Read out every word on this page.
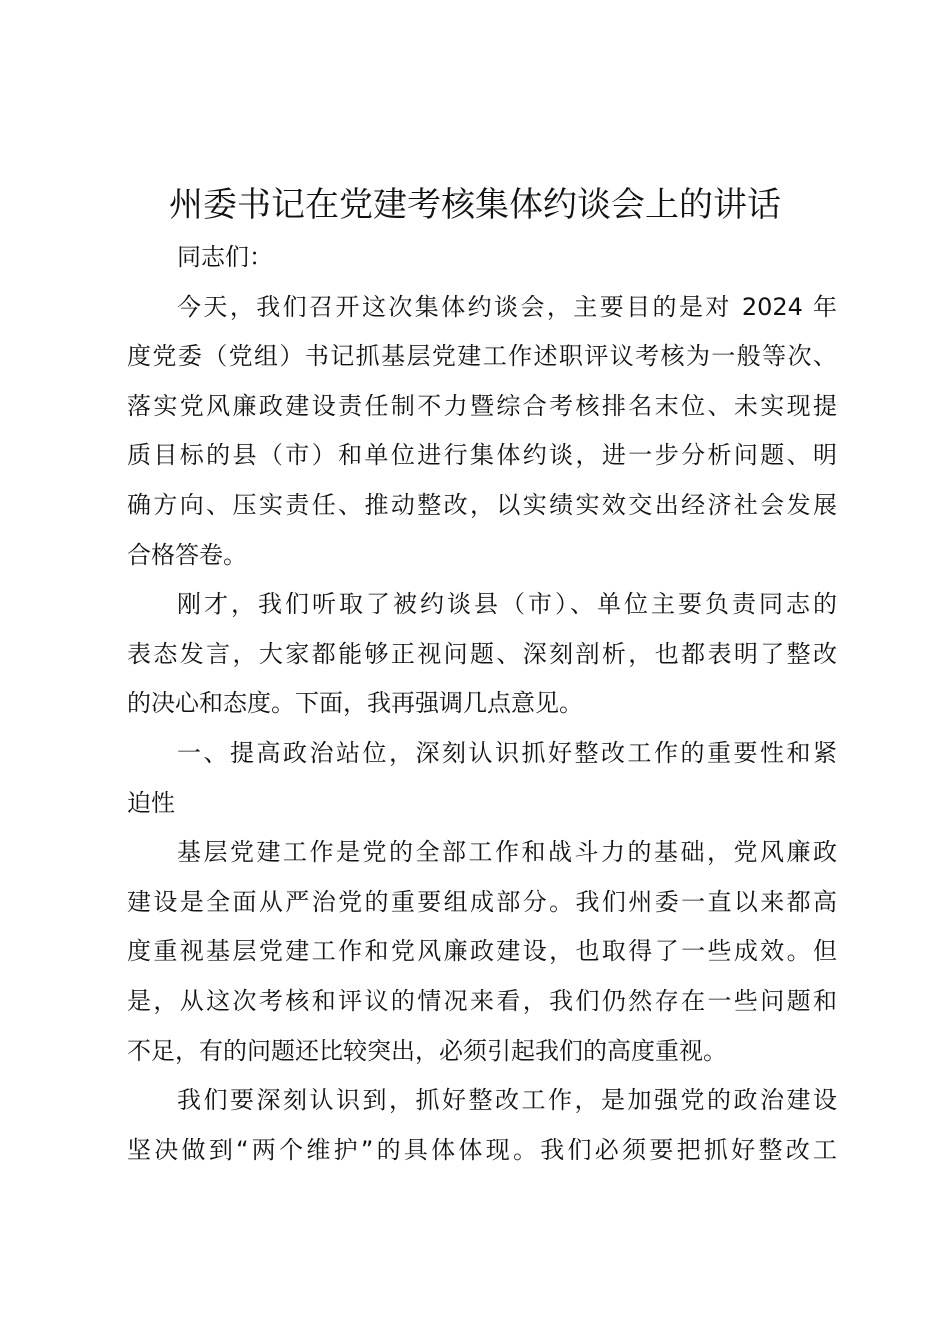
州委书记在党建考核集体约谈会上的讲话
同志们：
今天，我们召开这次集体约谈会，主要目的是对 2024 年
度党委（党组）书记抓基层党建工作述职评议考核为一般等次、
落实党风廉政建设责任制不力暨综合考核排名末位、未实现提
质目标的县（市）和单位进行集体约谈，进一步分析问题、明
确方向、压实责任、推动整改，以实绩实效交出经济社会发展
合格答卷。
刚才，我们听取了被约谈县（市）、单位主要负责同志的
表态发言，大家都能够正视问题、深刻剖析，也都表明了整改
的决心和态度。下面，我再强调几点意见。
一、提高政治站位，深刻认识抓好整改工作的重要性和紧
迫性
基层党建工作是党的全部工作和战斗力的基础，党风廉政
建设是全面从严治党的重要组成部分。我们州委一直以来都高
度重视基层党建工作和党风廉政建设，也取得了一些成效。但
是，从这次考核和评议的情况来看，我们仍然存在一些问题和
不足，有的问题还比较突出，必须引起我们的高度重视。
我们要深刻认识到，抓好整改工作，是加强党的政治建设
坚决做到“两个维护”的具体体现。我们必须要把抓好整改工
